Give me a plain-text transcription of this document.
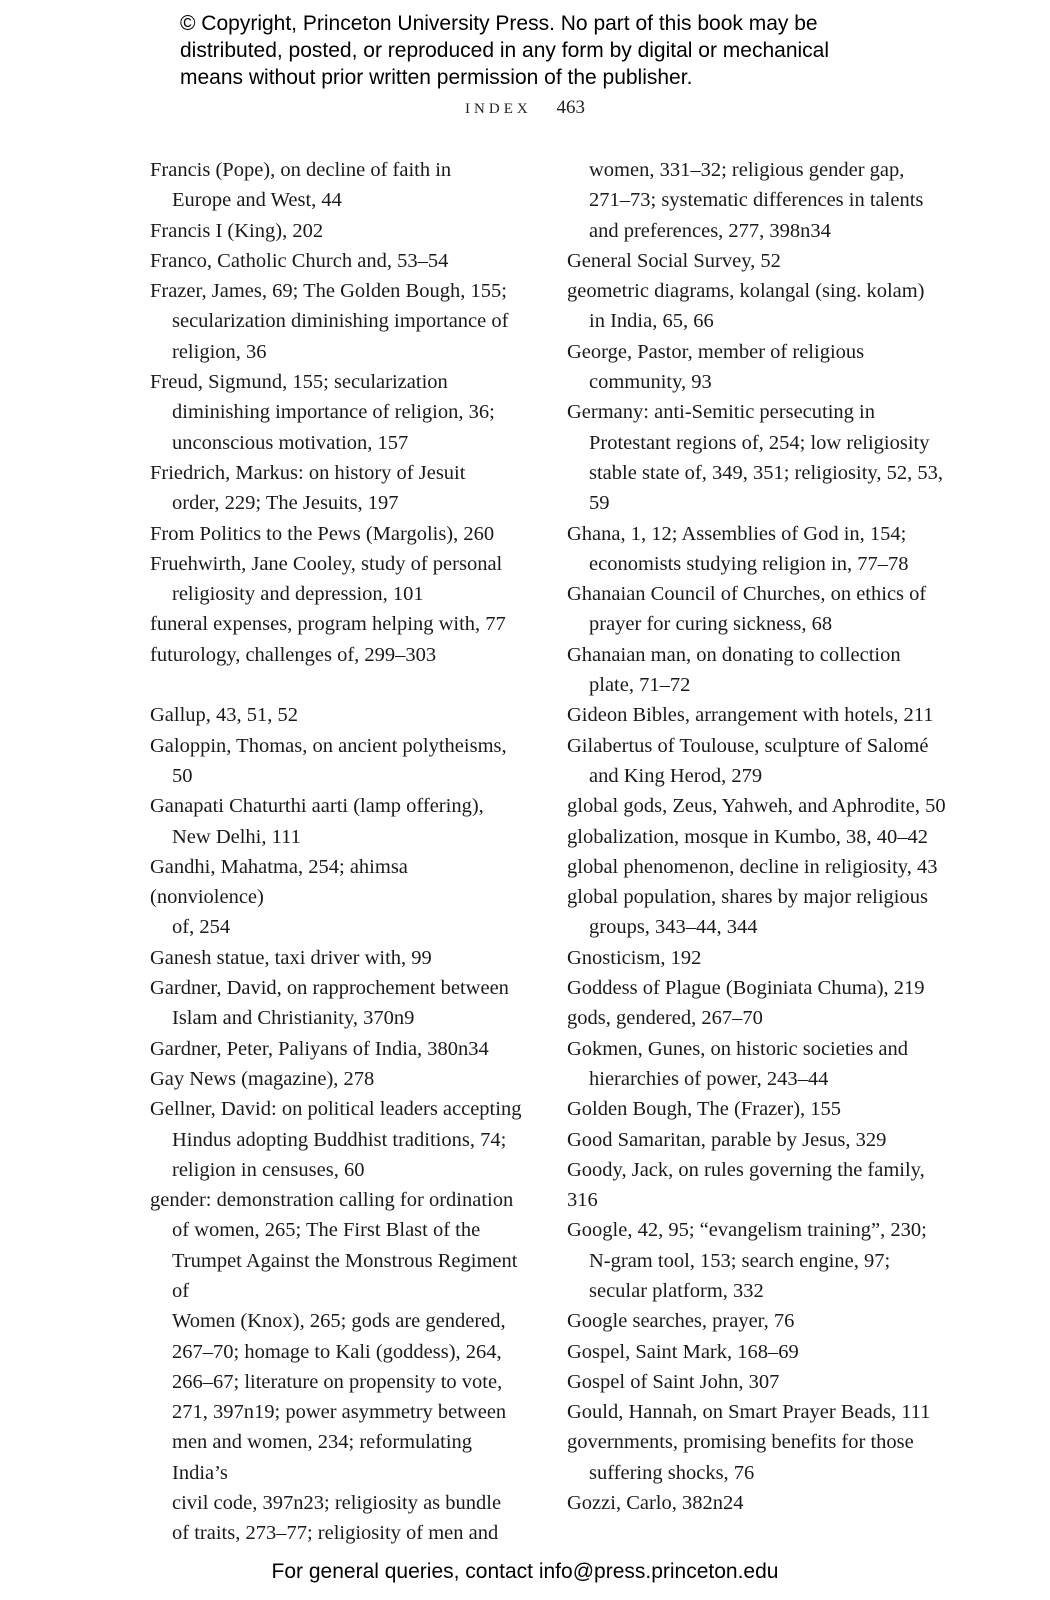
© Copyright, Princeton University Press. No part of this book may be
distributed, posted, or reproduced in any form by digital or mechanical
means without prior written permission of the publisher.
INDEX 463
Francis (Pope), on decline of faith in
Europe and West, 44
Francis I (King), 202
Franco, Catholic Church and, 53–54
Frazer, James, 69; The Golden Bough, 155;
secularization diminishing importance of
religion, 36
Freud, Sigmund, 155; secularization
diminishing importance of religion, 36;
unconscious motivation, 157
Friedrich, Markus: on history of Jesuit
order, 229; The Jesuits, 197
From Politics to the Pews (Margolis), 260
Fruehwirth, Jane Cooley, study of personal
religiosity and depression, 101
funeral expenses, program helping with, 77
futurology, challenges of, 299–303
Gallup, 43, 51, 52
Galoppin, Thomas, on ancient polytheisms,
50
Ganapati Chaturthi aarti (lamp offering),
New Delhi, 111
Gandhi, Mahatma, 254; ahimsa (nonviolence)
of, 254
Ganesh statue, taxi driver with, 99
Gardner, David, on rapprochement between
Islam and Christianity, 370n9
Gardner, Peter, Paliyans of India, 380n34
Gay News (magazine), 278
Gellner, David: on political leaders accepting
Hindus adopting Buddhist traditions, 74;
religion in censuses, 60
gender: demonstration calling for ordination
of women, 265; The First Blast of the
Trumpet Against the Monstrous Regiment of
Women (Knox), 265; gods are gendered,
267–70; homage to Kali (goddess), 264,
266–67; literature on propensity to vote,
271, 397n19; power asymmetry between
men and women, 234; reformulating India’s
civil code, 397n23; religiosity as bundle
of traits, 273–77; religiosity of men and
women, 331–32; religious gender gap,
271–73; systematic differences in talents
and preferences, 277, 398n34
General Social Survey, 52
geometric diagrams, kolangal (sing. kolam)
in India, 65, 66
George, Pastor, member of religious
community, 93
Germany: anti-Semitic persecuting in
Protestant regions of, 254; low religiosity
stable state of, 349, 351; religiosity, 52, 53, 59
Ghana, 1, 12; Assemblies of God in, 154;
economists studying religion in, 77–78
Ghanaian Council of Churches, on ethics of
prayer for curing sickness, 68
Ghanaian man, on donating to collection
plate, 71–72
Gideon Bibles, arrangement with hotels, 211
Gilabertus of Toulouse, sculpture of Salomé
and King Herod, 279
global gods, Zeus, Yahweh, and Aphrodite, 50
globalization, mosque in Kumbo, 38, 40–42
global phenomenon, decline in religiosity, 43
global population, shares by major religious
groups, 343–44, 344
Gnosticism, 192
Goddess of Plague (Boginiata Chuma), 219
gods, gendered, 267–70
Gokmen, Gunes, on historic societies and
hierarchies of power, 243–44
Golden Bough, The (Frazer), 155
Good Samaritan, parable by Jesus, 329
Goody, Jack, on rules governing the family, 316
Google, 42, 95; “evangelism training”, 230;
N-gram tool, 153; search engine, 97;
secular platform, 332
Google searches, prayer, 76
Gospel, Saint Mark, 168–69
Gospel of Saint John, 307
Gould, Hannah, on Smart Prayer Beads, 111
governments, promising benefits for those
suffering shocks, 76
Gozzi, Carlo, 382n24
For general queries, contact info@press.princeton.edu
